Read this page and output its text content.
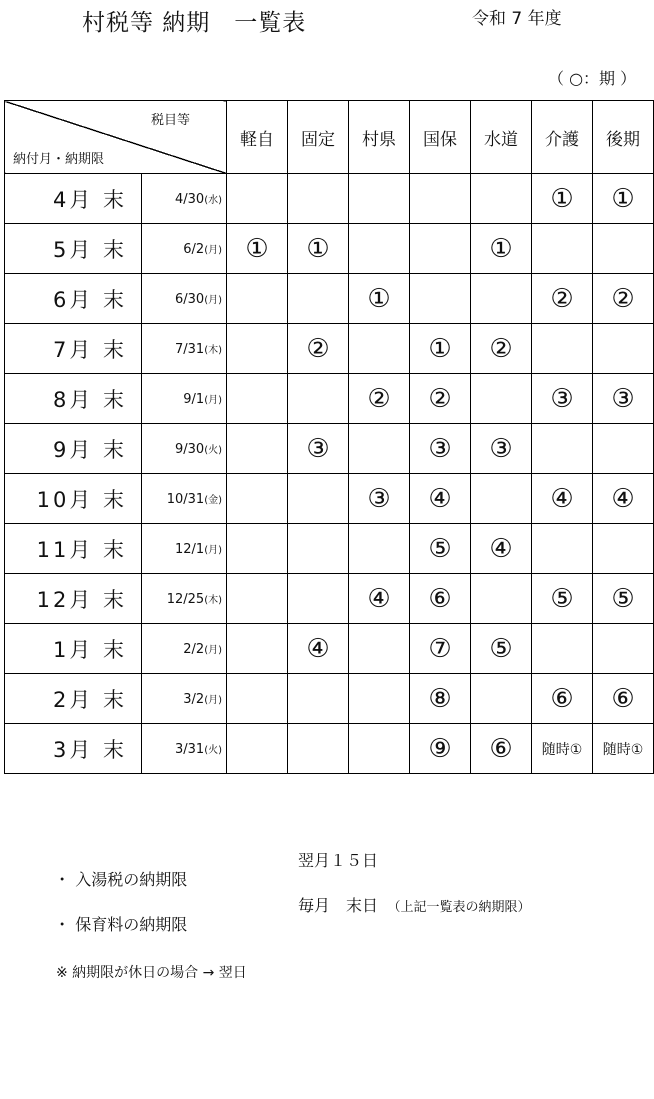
村税等 納期　一覧表	令和 7 年度
（ ○：期 ）
税目等
納付月・納期限		軽自	固定	村県	国保	水道	介護	後期
4月 末	4/30(水)						①	①
5月 末	6/2(月)	①	①			①		
6月 末	6/30(月)			①			②	②
7月 末	7/31(木)		②		①	②		
8月 末	9/1(月)			②	②		③	③
9月 末	9/30(火)		③		③	③		
10月 末	10/31(金)			③	④		④	④
11月 末	12/1(月)				⑤	④		
12月 末	12/25(木)			④	⑥		⑤	⑤
1月 末	2/2(月)		④		⑦	⑤		
2月 末	3/2(月)				⑧		⑥	⑥
3月 末	3/31(火)				⑨	⑥	随時①	随時①

・ 入湯税の納期限

翌月１５日

・ 保育料の納期限

毎月　末日　 （上記一覧表の納期限）

※ 納期限が休日の場合 → 翌日
